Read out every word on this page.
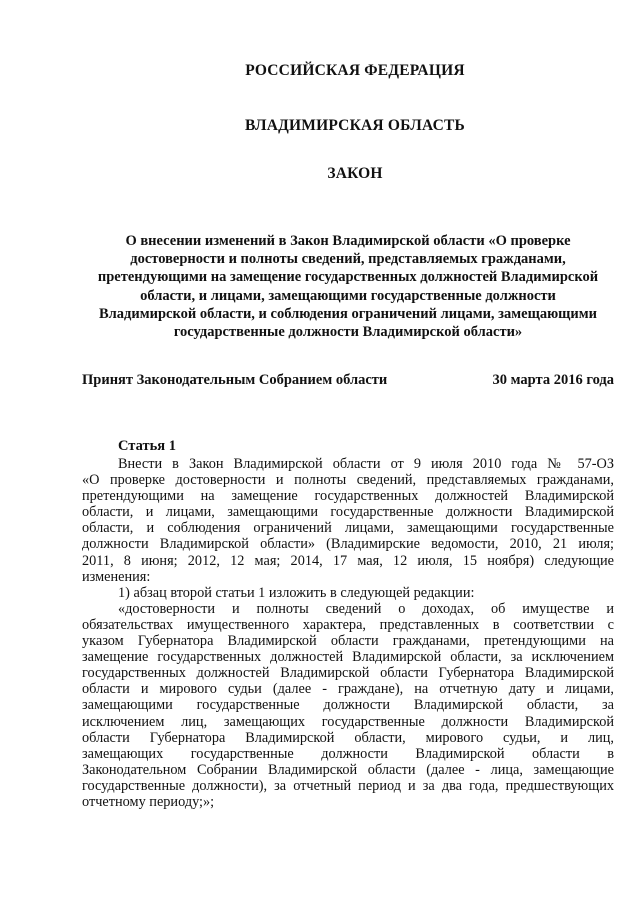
РОССИЙСКАЯ ФЕДЕРАЦИЯ
ВЛАДИМИРСКАЯ ОБЛАСТЬ
ЗАКОН
О внесении изменений в Закон Владимирской области «О проверке
достоверности и полноты сведений, представляемых гражданами,
претендующими на замещение государственных должностей Владимирской
области, и лицами, замещающими государственные должности
Владимирской области, и соблюдения ограничений лицами, замещающими
государственные должности Владимирской области»
Принят Законодательным Собранием области	30 марта 2016 года
Статья 1
Внести в Закон Владимирской области от 9 июля 2010 года № 57-ОЗ
«О проверке достоверности и полноты сведений, представляемых гражданами,
претендующими на замещение государственных должностей Владимирской
области, и лицами, замещающими государственные должности Владимирской
области, и соблюдения ограничений лицами, замещающими государственные
должности Владимирской области» (Владимирские ведомости, 2010, 21 июля;
2011, 8 июня; 2012, 12 мая; 2014, 17 мая, 12 июля, 15 ноября) следующие
изменения:
1) абзац второй статьи 1 изложить в следующей редакции:
«достоверности и полноты сведений о доходах, об имуществе и
обязательствах имущественного характера, представленных в соответствии с
указом Губернатора Владимирской области гражданами, претендующими на
замещение государственных должностей Владимирской области, за исключением
государственных должностей Владимирской области Губернатора Владимирской
области и мирового судьи (далее - граждане), на отчетную дату и лицами,
замещающими государственные должности Владимирской области, за
исключением лиц, замещающих государственные должности Владимирской
области Губернатора Владимирской области, мирового судьи, и лиц,
замещающих государственные должности Владимирской области в
Законодательном Собрании Владимирской области (далее - лица, замещающие
государственные должности), за отчетный период и за два года, предшествующих
отчетному периоду;»;
